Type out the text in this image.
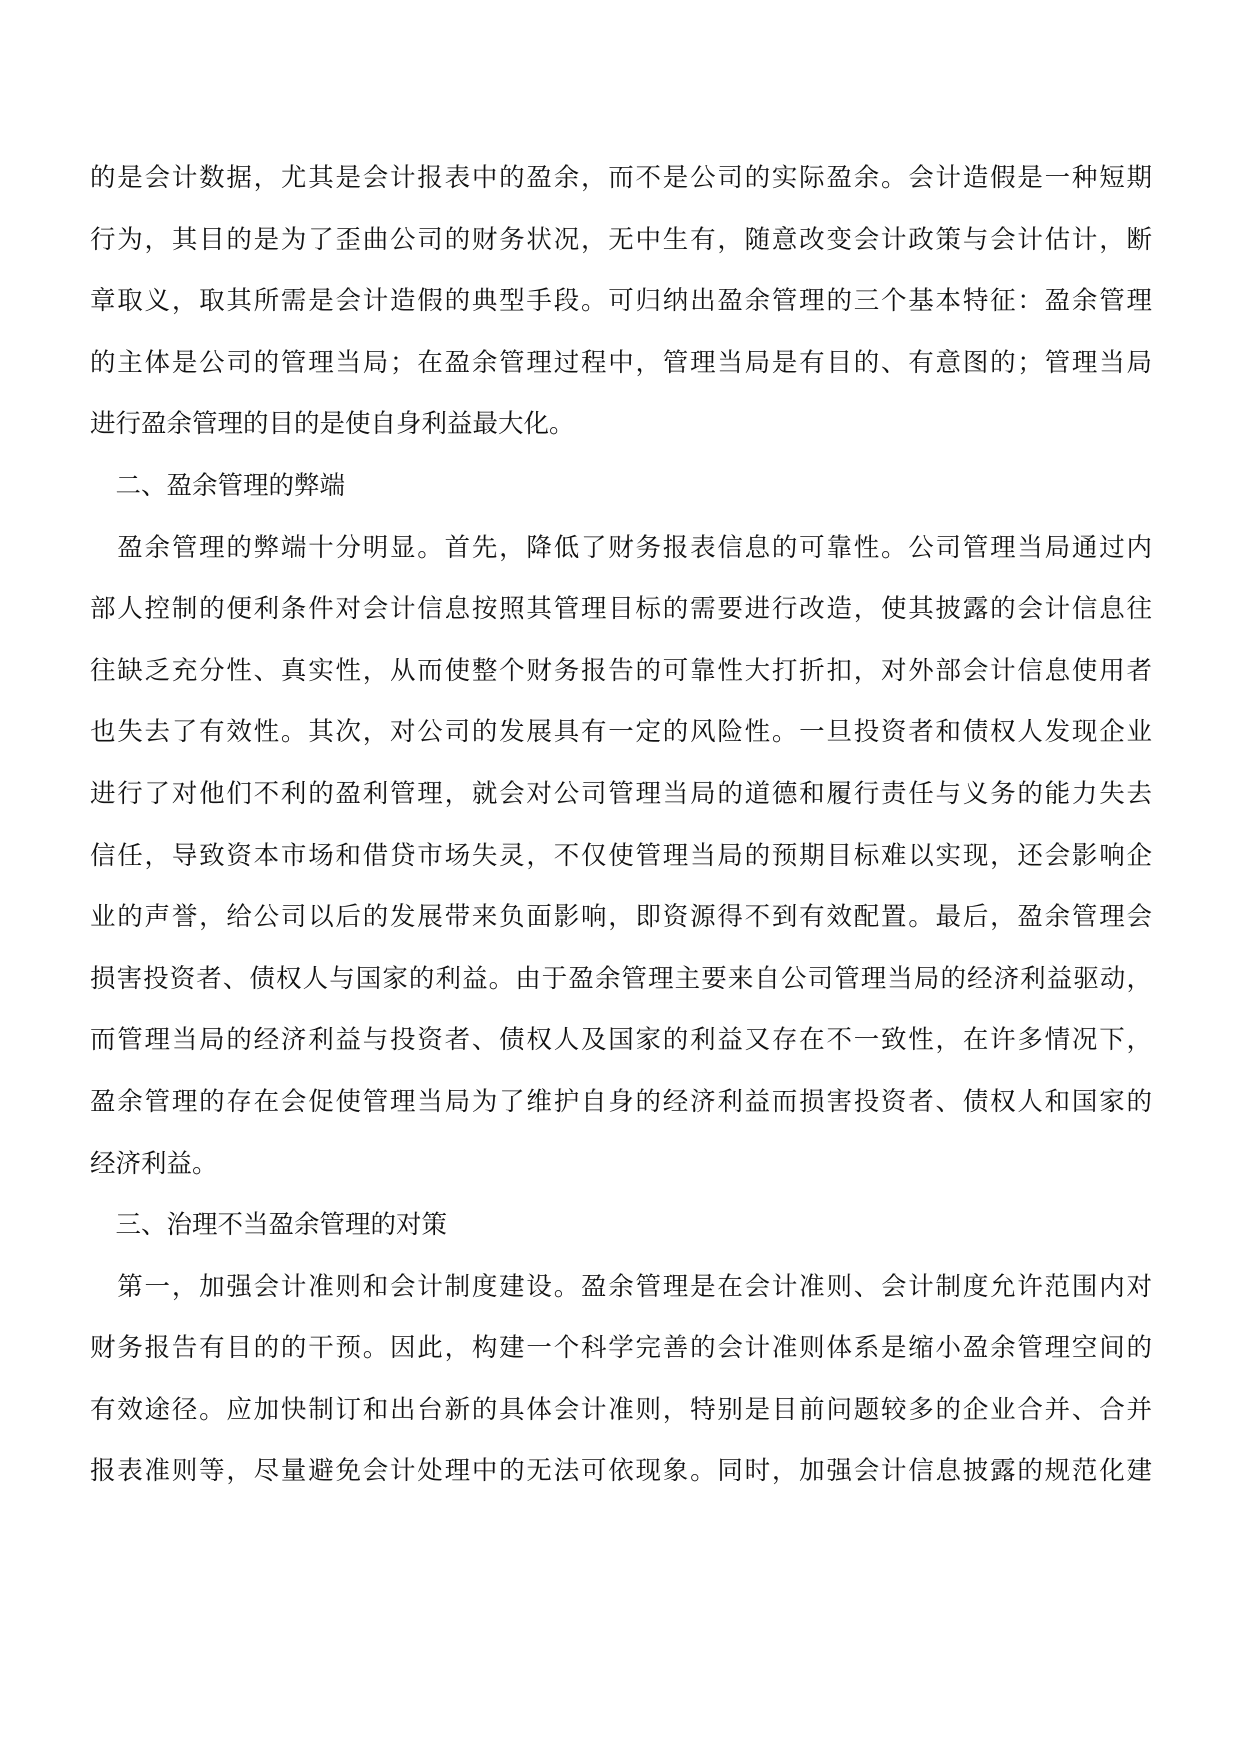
的是会计数据，尤其是会计报表中的盈余，而不是公司的实际盈余。会计造假是一种短期
行为，其目的是为了歪曲公司的财务状况，无中生有，随意改变会计政策与会计估计，断
章取义，取其所需是会计造假的典型手段。可归纳出盈余管理的三个基本特征：盈余管理
的主体是公司的管理当局；在盈余管理过程中，管理当局是有目的、有意图的；管理当局
进行盈余管理的目的是使自身利益最大化。
　二、盈余管理的弊端
　盈余管理的弊端十分明显。首先，降低了财务报表信息的可靠性。公司管理当局通过内
部人控制的便利条件对会计信息按照其管理目标的需要进行改造，使其披露的会计信息往
往缺乏充分性、真实性，从而使整个财务报告的可靠性大打折扣，对外部会计信息使用者
也失去了有效性。其次，对公司的发展具有一定的风险性。一旦投资者和债权人发现企业
进行了对他们不利的盈利管理，就会对公司管理当局的道德和履行责任与义务的能力失去
信任，导致资本市场和借贷市场失灵，不仅使管理当局的预期目标难以实现，还会影响企
业的声誉，给公司以后的发展带来负面影响，即资源得不到有效配置。最后，盈余管理会
损害投资者、债权人与国家的利益。由于盈余管理主要来自公司管理当局的经济利益驱动，
而管理当局的经济利益与投资者、债权人及国家的利益又存在不一致性，在许多情况下，
盈余管理的存在会促使管理当局为了维护自身的经济利益而损害投资者、债权人和国家的
经济利益。
　三、治理不当盈余管理的对策
　第一，加强会计准则和会计制度建设。盈余管理是在会计准则、会计制度允许范围内对
财务报告有目的的干预。因此，构建一个科学完善的会计准则体系是缩小盈余管理空间的
有效途径。应加快制订和出台新的具体会计准则，特别是目前问题较多的企业合并、合并
报表准则等，尽量避免会计处理中的无法可依现象。同时，加强会计信息披露的规范化建
